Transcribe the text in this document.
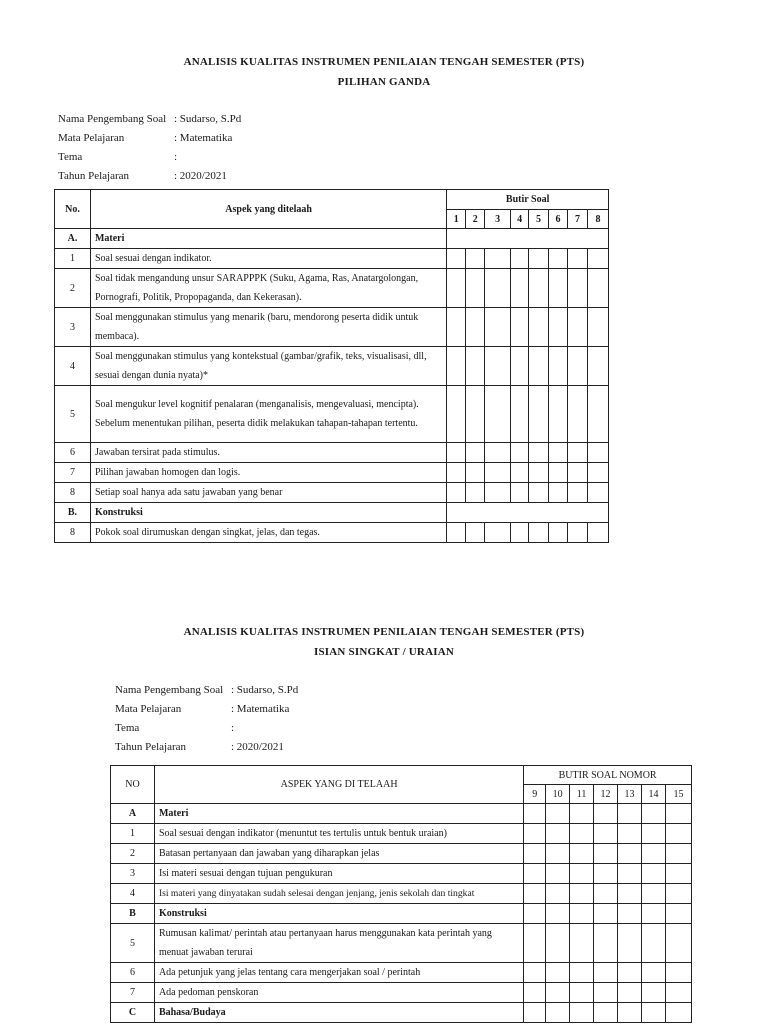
ANALISIS KUALITAS INSTRUMEN PENILAIAN TENGAH SEMESTER (PTS)
PILIHAN GANDA
Nama Pengembang Soal : Sudarso, S.Pd
Mata Pelajaran	: Matematika
Tema	:
Tahun Pelajaran	: 2020/2021
No.	Aspek yang ditelaah	Butir Soal							
		1	2	3	4	5	6	7	8
A.	Materi								
1	Soal sesuai dengan indikator.								
2	Soal tidak mengandung unsur SARAPPPK (Suku, Agama, Ras, Anatargolongan, Pornografi, Politik, Propopaganda, dan Kekerasan).								
3	Soal menggunakan stimulus yang menarik (baru, mendorong peserta didik untuk membaca).								
4	Soal menggunakan stimulus yang kontekstual (gambar/grafik, teks, visualisasi, dll, sesuai dengan dunia nyata)*								
5	Soal mengukur level kognitif penalaran (menganalisis, mengevaluasi, mencipta). Sebelum menentukan pilihan, peserta didik melakukan tahapan-tahapan tertentu.								
6	Jawaban tersirat pada stimulus.								
7	Pilihan jawaban homogen dan logis.								
8	Setiap soal hanya ada satu jawaban yang benar								
B.	Konstruksi								
8	Pokok soal dirumuskan dengan singkat, jelas, dan tegas.								
ANALISIS KUALITAS INSTRUMEN PENILAIAN TENGAH SEMESTER (PTS)
ISIAN SINGKAT / URAIAN
Nama Pengembang Soal : Sudarso, S.Pd
Mata Pelajaran	: Matematika
Tema	:
Tahun Pelajaran	: 2020/2021
NO	ASPEK YANG DI TELAAH	BUTIR SOAL NOMOR						
		9	10	11	12	13	14	15
A	Materi							
1	Soal sesuai dengan indikator (menuntut tes tertulis untuk bentuk uraian)							
2	Batasan pertanyaan dan jawaban yang diharapkan jelas							
3	Isi materi sesuai dengan tujuan pengukuran							
4	Isi materi yang dinyatakan sudah selesai dengan jenjang, jenis sekolah dan tingkat							
B	Konstruksi							
5	Rumusan kalimat/ perintah atau pertanyaan harus menggunakan kata perintah yang menuat jawaban terurai							
6	Ada petunjuk yang jelas tentang cara mengerjakan soal / perintah							
7	Ada pedoman penskoran							
C	Bahasa/Budaya							
